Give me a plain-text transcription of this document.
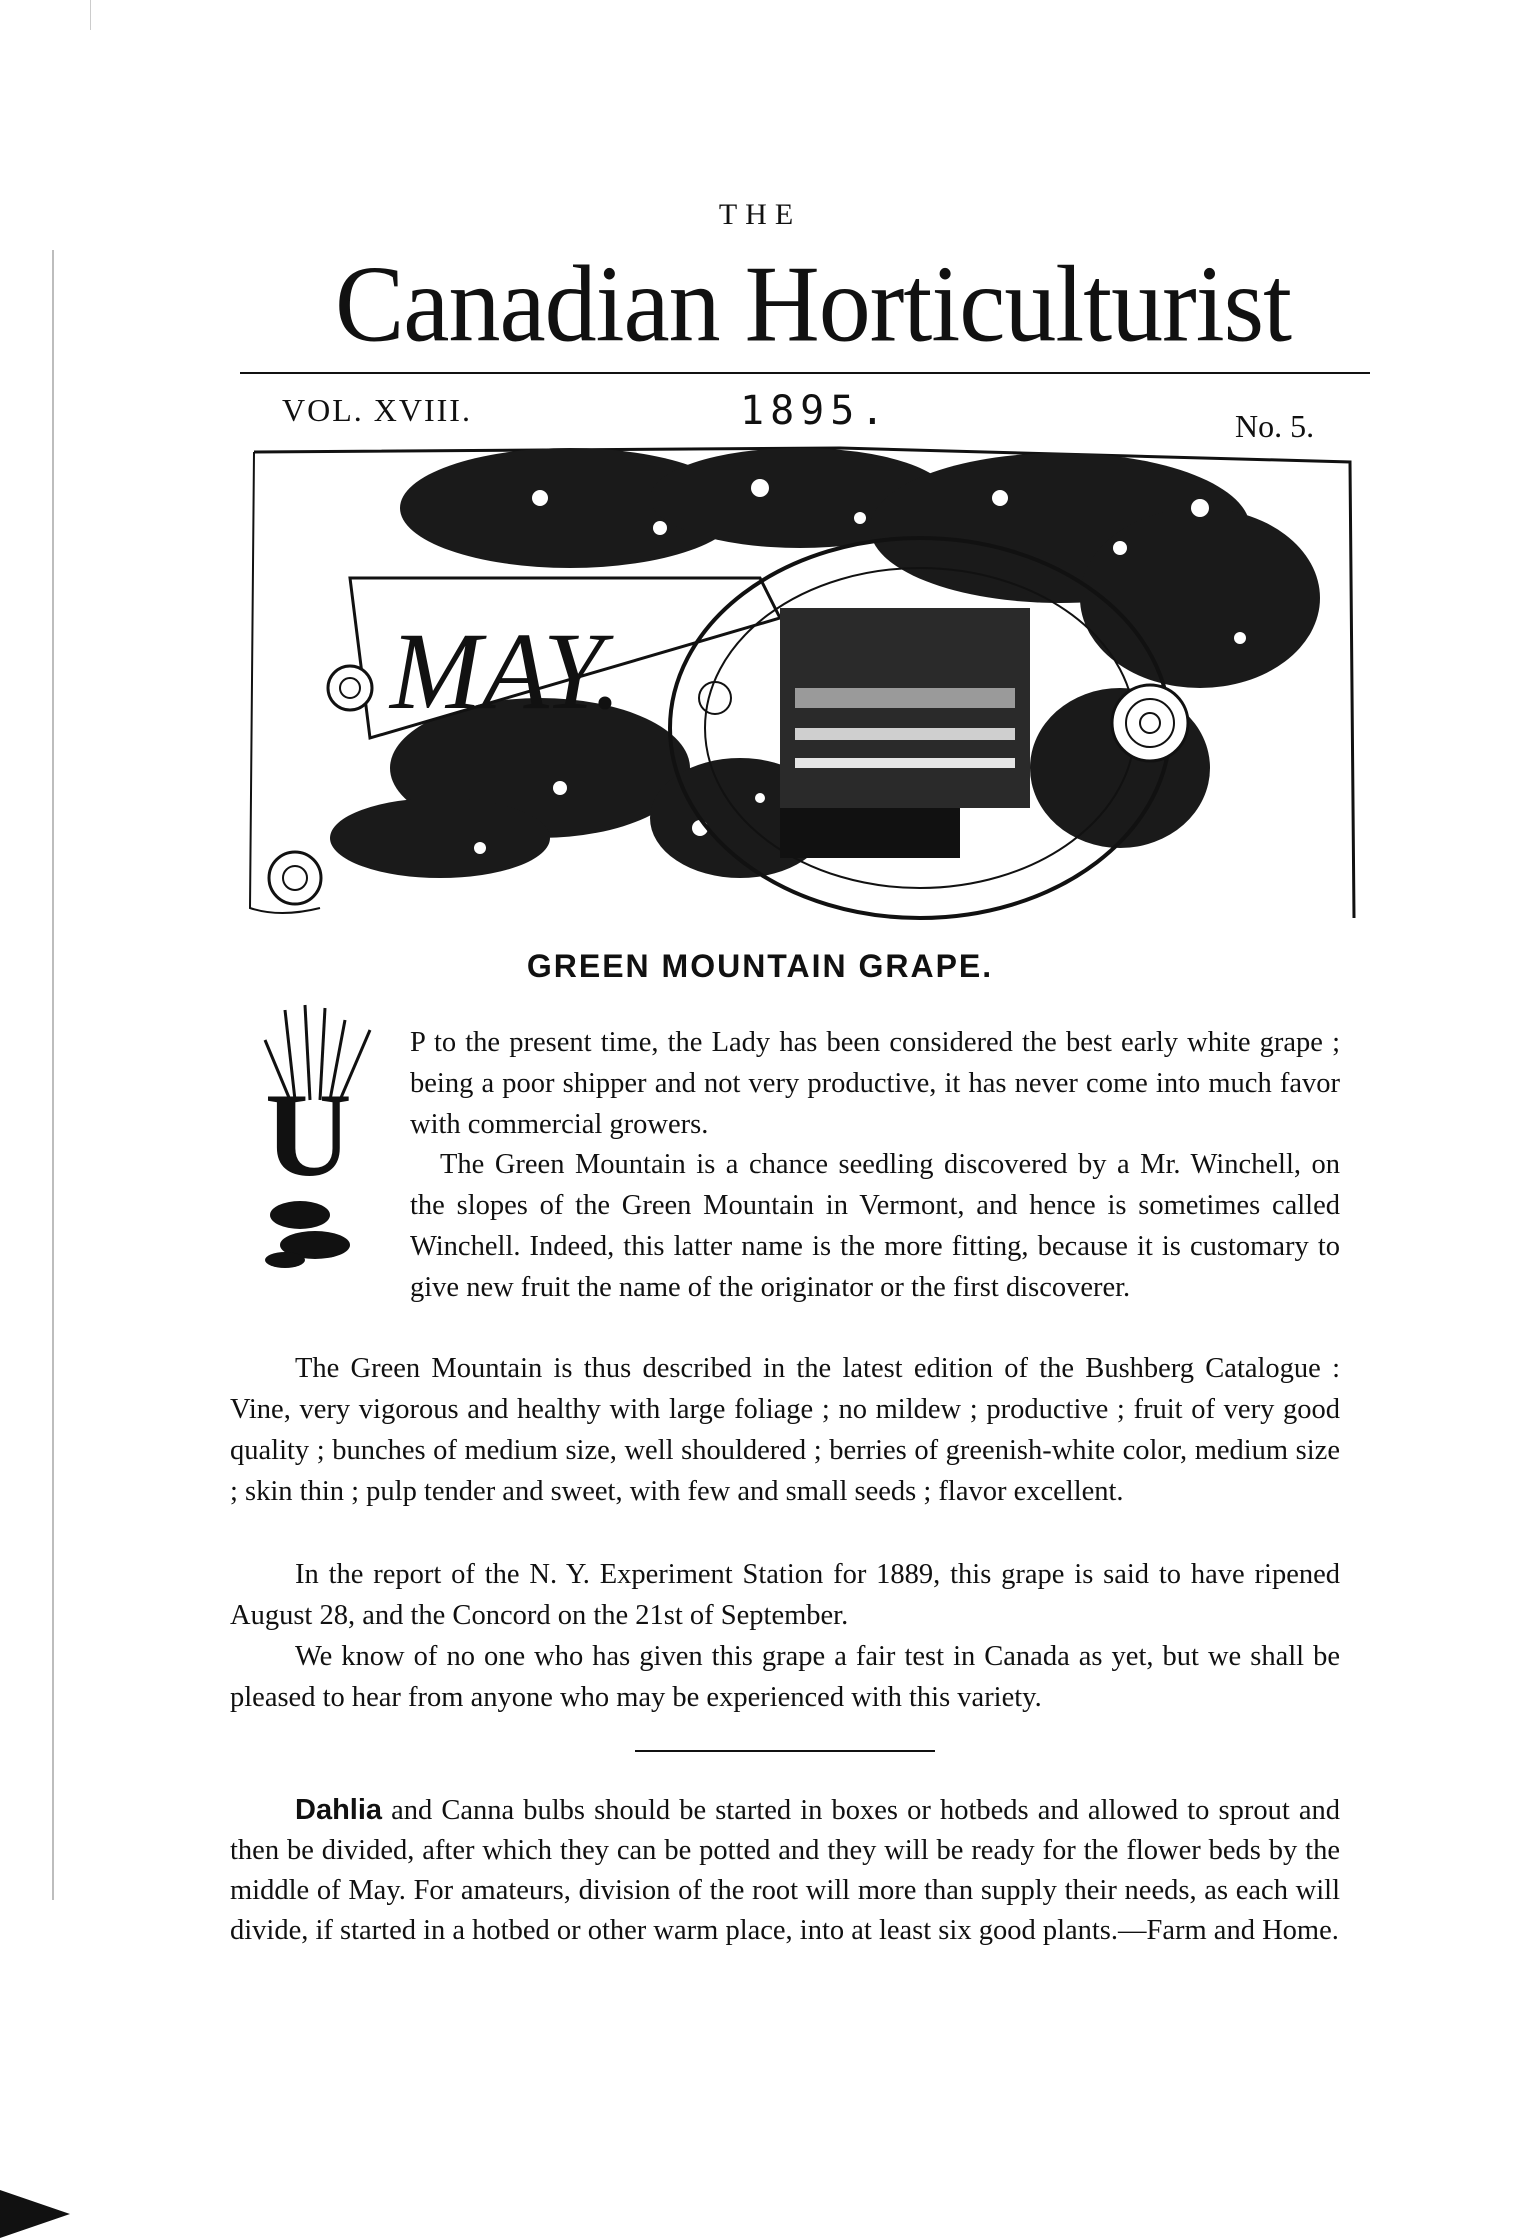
THE
Canadian Horticulturist
VOL. XVIII.	1895.	No. 5.
MAY.
GREEN MOUNTAIN GRAPE.
U

P to the present time, the Lady has been considered the best early white grape ; being a poor shipper and not very productive, it has never come into much favor with commercial growers.

The Green Mountain is a chance seedling discovered by a Mr. Winchell, on the slopes of the Green Mountain in Vermont, and hence is sometimes called Winchell. Indeed, this latter name is the more fitting, because it is customary to give new fruit the name of the originator or the first discoverer.

The Green Mountain is thus described in the latest edition of the Bushberg Catalogue : Vine, very vigorous and healthy with large foliage ; no mildew ; productive ; fruit of very good quality ; bunches of medium size, well shouldered ; berries of greenish-white color, medium size ; skin thin ; pulp tender and sweet, with few and small seeds ; flavor excellent.

In the report of the N. Y. Experiment Station for 1889, this grape is said to have ripened August 28, and the Concord on the 21st of September.

We know of no one who has given this grape a fair test in Canada as yet, but we shall be pleased to hear from anyone who may be experienced with this variety.

Dahlia and Canna bulbs should be started in boxes or hotbeds and allowed to sprout and then be divided, after which they can be potted and they will be ready for the flower beds by the middle of May. For amateurs, division of the root will more than supply their needs, as each will divide, if started in a hotbed or other warm place, into at least six good plants.—Farm and Home.
